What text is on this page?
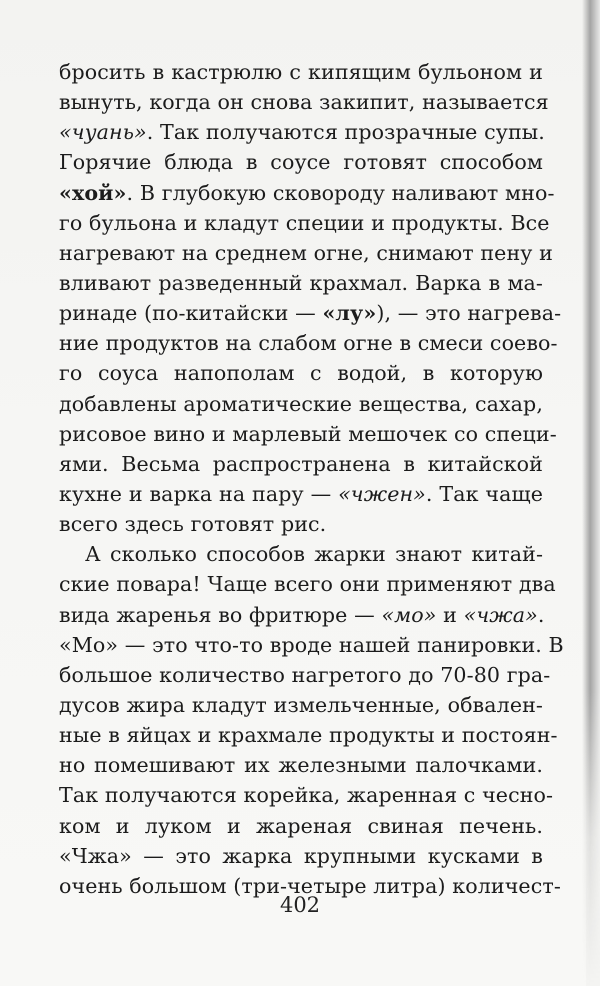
бросить в кастрюлю с кипящим бульоном и
вынуть, когда он снова закипит, называется
«чуань». Так получаются прозрачные супы.
Горячие блюда в соусе готовят способом
«хой». В глубокую сковороду наливают мно-
го бульона и кладут специи и продукты. Все
нагревают на среднем огне, снимают пену и
вливают разведенный крахмал. Варка в ма-
ринаде (по-китайски — «лу»), — это нагрева-
ние продуктов на слабом огне в смеси соево-
го соуса напополам с водой, в которую
добавлены ароматические вещества, сахар,
рисовое вино и марлевый мешочек со специ-
ями. Весьма распространена в китайской
кухне и варка на пару — «чжен». Так чаще
всего здесь готовят рис.
А сколько способов жарки знают китай-
ские повара! Чаще всего они применяют два
вида жаренья во фритюре — «мо» и «чжа».
«Мо» — это что-то вроде нашей панировки. В
большое количество нагретого до 70-80 гра-
дусов жира кладут измельченные, обвален-
ные в яйцах и крахмале продукты и постоян-
но помешивают их железными палочками.
Так получаются корейка, жаренная с чесно-
ком и луком и жареная свиная печень.
«Чжа» — это жарка крупными кусками в
очень большом (три-четыре литра) количест-
402
